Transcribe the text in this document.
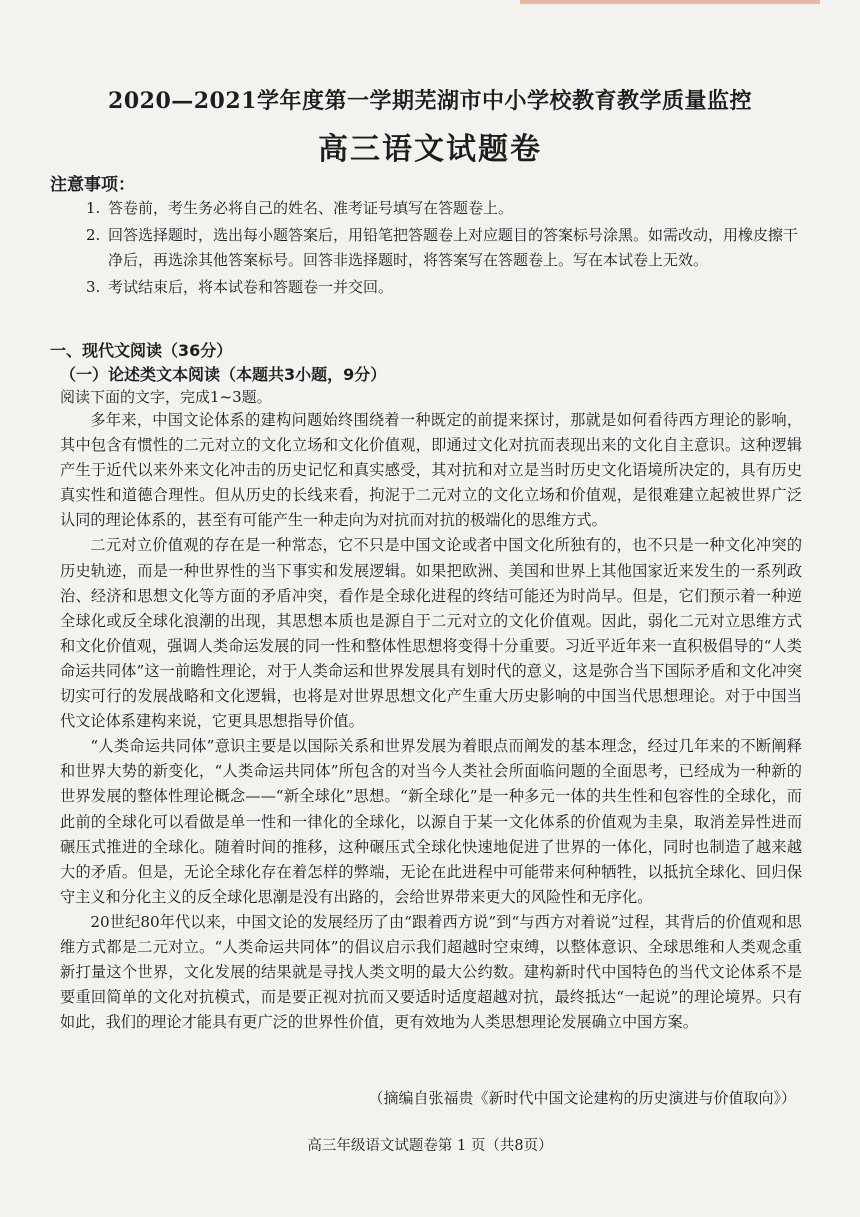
2020—2021学年度第一学期芜湖市中小学校教育教学质量监控
高三语文试题卷
注意事项：
1. 答卷前，考生务必将自己的姓名、准考证号填写在答题卷上。
2. 回答选择题时，选出每小题答案后，用铅笔把答题卷上对应题目的答案标号涂黑。如需改动，用橡皮擦干净后，再选涂其他答案标号。回答非选择题时，将答案写在答题卷上。写在本试卷上无效。
3. 考试结束后，将本试卷和答题卷一并交回。
一、现代文阅读（36分）
（一）论述类文本阅读（本题共3小题，9分）
阅读下面的文字，完成1~3题。

多年来，中国文论体系的建构问题始终围绕着一种既定的前提来探讨，那就是如何看待西方理论的影响，其中包含有惯性的二元对立的文化立场和文化价值观，即通过文化对抗而表现出来的文化自主意识。这种逻辑产生于近代以来外来文化冲击的历史记忆和真实感受，其对抗和对立是当时历史文化语境所决定的，具有历史真实性和道德合理性。但从历史的长线来看，拘泥于二元对立的文化立场和价值观，是很难建立起被世界广泛认同的理论体系的，甚至有可能产生一种走向为对抗而对抗的极端化的思维方式。

二元对立价值观的存在是一种常态，它不只是中国文论或者中国文化所独有的，也不只是一种文化冲突的历史轨迹，而是一种世界性的当下事实和发展逻辑。如果把欧洲、美国和世界上其他国家近来发生的一系列政治、经济和思想文化等方面的矛盾冲突，看作是全球化进程的终结可能还为时尚早。但是，它们预示着一种逆全球化或反全球化浪潮的出现，其思想本质也是源自于二元对立的文化价值观。因此，弱化二元对立思维方式和文化价值观，强调人类命运发展的同一性和整体性思想将变得十分重要。习近平近年来一直积极倡导的“人类命运共同体”这一前瞻性理论，对于人类命运和世界发展具有划时代的意义，这是弥合当下国际矛盾和文化冲突切实可行的发展战略和文化逻辑，也将是对世界思想文化产生重大历史影响的中国当代思想理论。对于中国当代文论体系建构来说，它更具思想指导价值。

“人类命运共同体”意识主要是以国际关系和世界发展为着眼点而阐发的基本理念，经过几年来的不断阐释和世界大势的新变化，“人类命运共同体”所包含的对当今人类社会所面临问题的全面思考，已经成为一种新的世界发展的整体性理论概念——“新全球化”思想。“新全球化”是一种多元一体的共生性和包容性的全球化，而此前的全球化可以看做是单一性和一律化的全球化，以源自于某一文化体系的价值观为圭臬，取消差异性进而碾压式推进的全球化。随着时间的推移，这种碾压式全球化快速地促进了世界的一体化，同时也制造了越来越大的矛盾。但是，无论全球化存在着怎样的弊端，无论在此进程中可能带来何种牺牲，以抵抗全球化、回归保守主义和分化主义的反全球化思潮是没有出路的，会给世界带来更大的风险性和无序化。

20世纪80年代以来，中国文论的发展经历了由“跟着西方说”到“与西方对着说”过程，其背后的价值观和思维方式都是二元对立。“人类命运共同体”的倡议启示我们超越时空束缚，以整体意识、全球思维和人类观念重新打量这个世界，文化发展的结果就是寻找人类文明的最大公约数。建构新时代中国特色的当代文论体系不是要重回简单的文化对抗模式，而是要正视对抗而又要适时适度超越对抗，最终抵达“一起说”的理论境界。只有如此，我们的理论才能具有更广泛的世界性价值，更有效地为人类思想理论发展确立中国方案。

（摘编自张福贵《新时代中国文论建构的历史演进与价值取向》）
高三年级语文试题卷第 1 页（共8页）
